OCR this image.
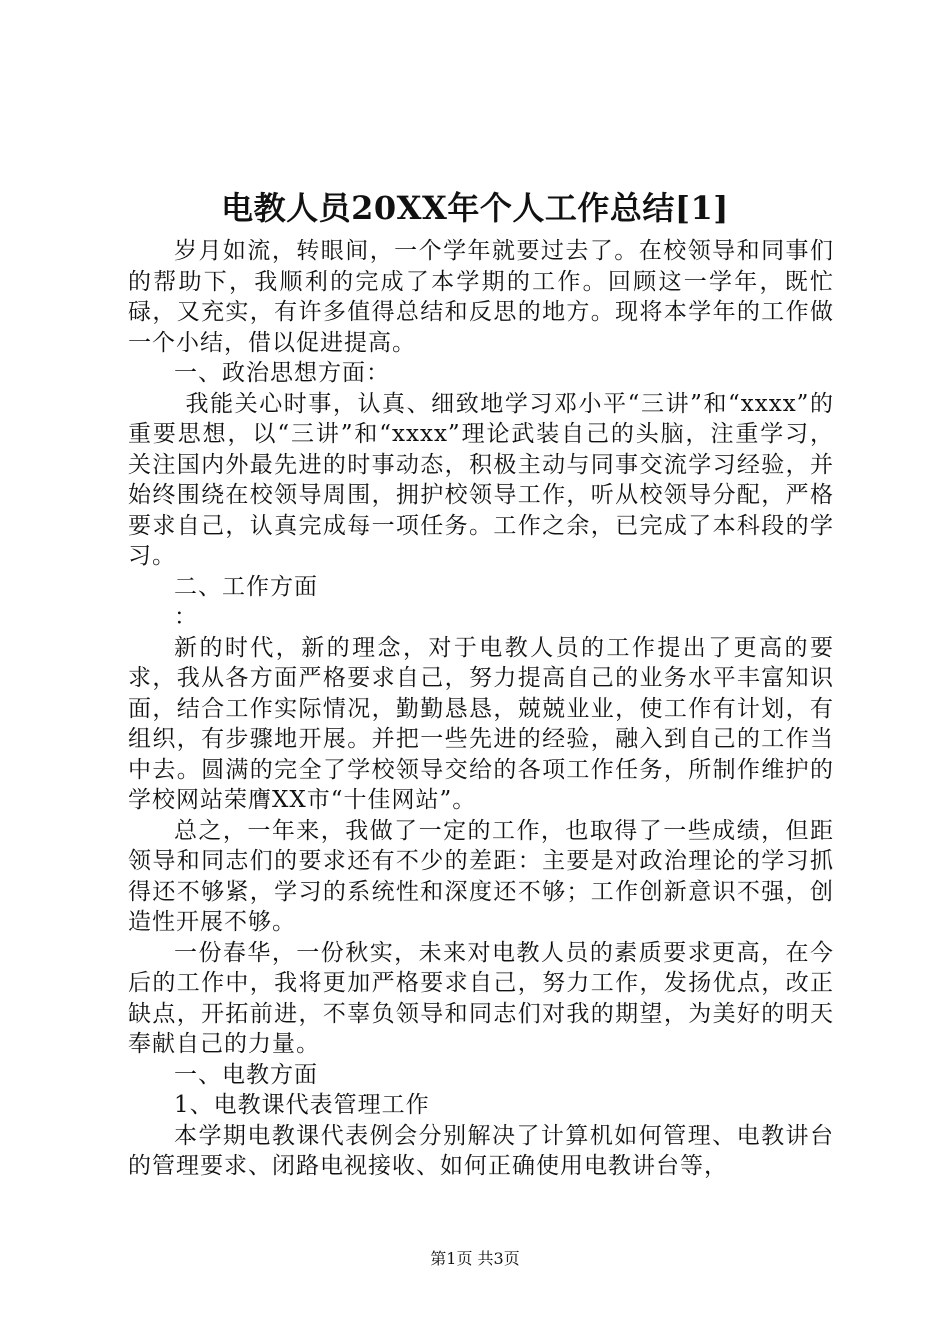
电教人员20XX年个人工作总结[1]

岁月如流，转眼间，一个学年就要过去了。在校领导和同事们的帮助下，我顺利的完成了本学期的工作。回顾这一学年，既忙碌，又充实，有许多值得总结和反思的地方。现将本学年的工作做一个小结，借以促进提高。

一、政治思想方面：

我能关心时事，认真、细致地学习邓小平“三讲”和“xxxx”的重要思想，以“三讲”和“xxxx”理论武装自己的头脑，注重学习，关注国内外最先进的时事动态，积极主动与同事交流学习经验，并始终围绕在校领导周围，拥护校领导工作，听从校领导分配，严格要求自己，认真完成每一项任务。工作之余，已完成了本科段的学习。

二、工作方面

：

新的时代，新的理念，对于电教人员的工作提出了更高的要求，我从各方面严格要求自己，努力提高自己的业务水平丰富知识面，结合工作实际情况，勤勤恳恳，兢兢业业，使工作有计划，有组织，有步骤地开展。并把一些先进的经验，融入到自己的工作当中去。圆满的完全了学校领导交给的各项工作任务，所制作维护的学校网站荣膺XX市“十佳网站”。

总之，一年来，我做了一定的工作，也取得了一些成绩，但距领导和同志们的要求还有不少的差距：主要是对政治理论的学习抓得还不够紧，学习的系统性和深度还不够；工作创新意识不强，创造性开展不够。

一份春华，一份秋实，未来对电教人员的素质要求更高，在今后的工作中，我将更加严格要求自己，努力工作，发扬优点，改正缺点，开拓前进，不辜负领导和同志们对我的期望，为美好的明天奉献自己的力量。

一、电教方面

1、电教课代表管理工作

本学期电教课代表例会分别解决了计算机如何管理、电教讲台的管理要求、闭路电视接收、如何正确使用电教讲台等，

第1页 共3页
